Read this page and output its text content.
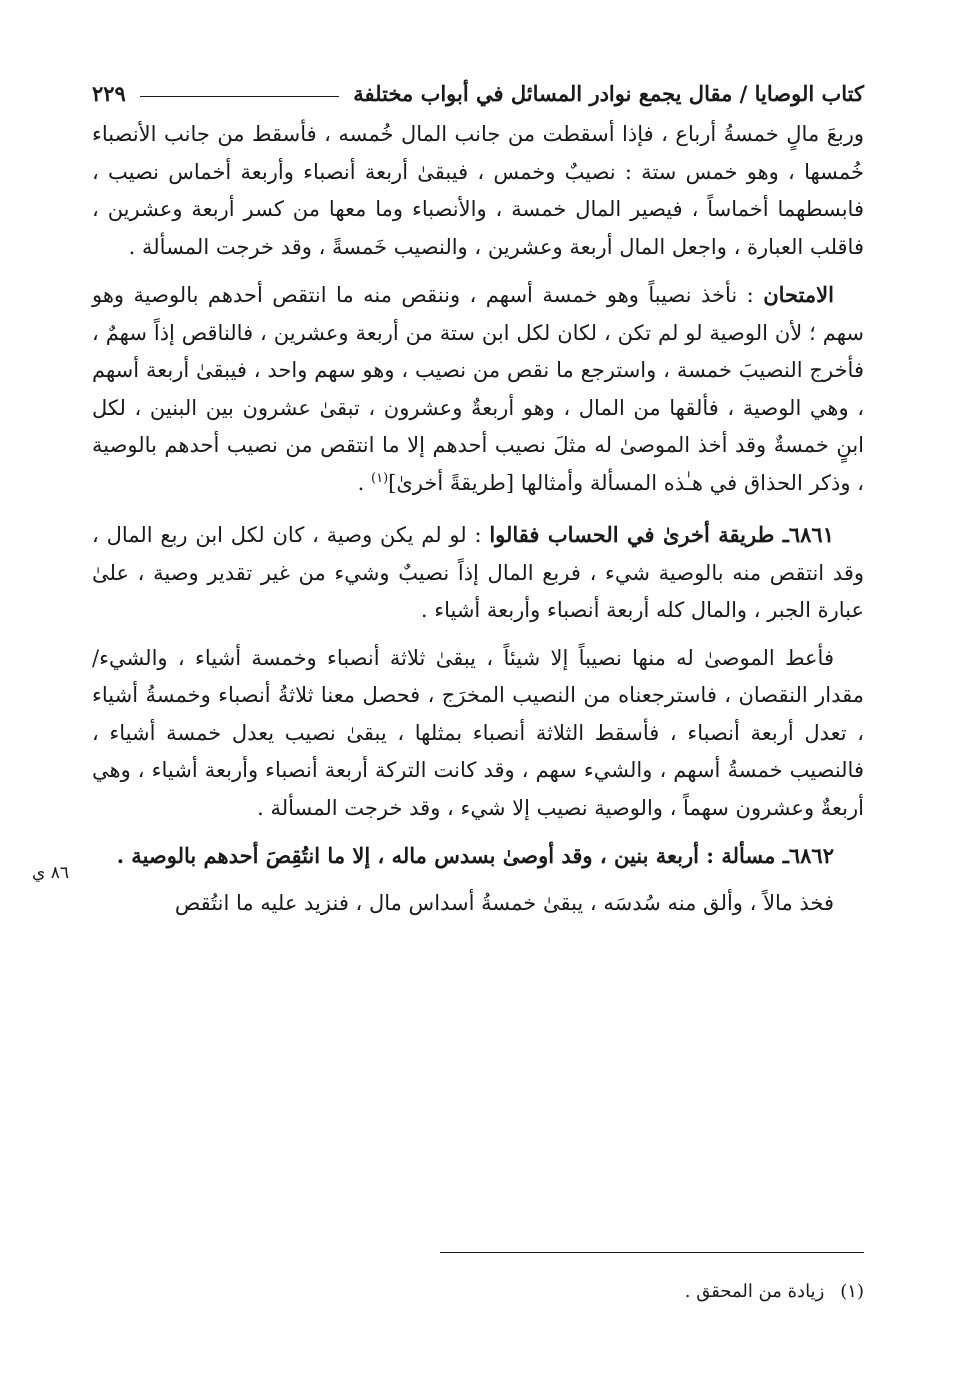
كتاب الوصايا / مقال يجمع نوادر المسائل في أبواب مختلفة
٢٢٩

وربعَ مالٍ خمسةُ أرباع ، فإذا أسقطت من جانب المال خُمسه ، فأسقط من جانب الأنصباء خُمسها ، وهو خمس ستة : نصيبٌ وخمس ، فيبقىٰ أربعة أنصباء وأربعة أخماس نصيب ، فابسطهما أخماساً ، فيصير المال خمسة ، والأنصباء وما معها من كسر أربعة وعشرين ، فاقلب العبارة ، واجعل المال أربعة وعشرين ، والنصيب خَمسةً ، وقد خرجت المسألة .

الامتحان : نأخذ نصيباً وهو خمسة أسهم ، وننقص منه ما انتقص أحدهم بالوصية وهو سهم ؛ لأن الوصية لو لم تكن ، لكان لكل ابن ستة من أربعة وعشرين ، فالناقص إذاً سهمٌ ، فأخرج النصيبَ خمسة ، واسترجع ما نقص من نصيب ، وهو سهم واحد ، فيبقىٰ أربعة أسهم ، وهي الوصية ، فألقها من المال ، وهو أربعةٌ وعشرون ، تبقىٰ عشرون بين البنين ، لكل ابنٍ خمسةٌ وقد أخذ الموصىٰ له مثلَ نصيب أحدهم إلا ما انتقص من نصيب أحدهم بالوصية ، وذكر الحذاق في هـٰذه المسألة وأمثالها [طريقةً أخرىٰ]$^{(١)}$ .

٦٨٦١ـ طريقة أخرىٰ في الحساب فقالوا : لو لم يكن وصية ، كان لكل ابن ربع المال ، وقد انتقص منه بالوصية شيء ، فربع المال إذاً نصيبٌ وشيء من غير تقدير وصية ، علىٰ عبارة الجبر ، والمال كله أربعة أنصباء وأربعة أشياء .

فأعط الموصىٰ له منها نصيباً إلا شيئاً ، يبقىٰ ثلاثة أنصباء وخمسة أشياء ، والشيء/ مقدار النقصان ، فاسترجعناه من النصيب المخرَج ، فحصل معنا ثلاثةُ أنصباء وخمسةُ أشياء ، تعدل أربعة أنصباء ، فأسقط الثلاثة أنصباء بمثلها ، يبقىٰ نصيب يعدل خمسة أشياء ، فالنصيب خمسةُ أسهم ، والشيء سهم ، وقد كانت التركة أربعة أنصباء وأربعة أشياء ، وهي أربعةٌ وعشرون سهماً ، والوصية نصيب إلا شيء ، وقد خرجت المسألة .

٦٨٦٢ـ مسألة : أربعة بنين ، وقد أوصىٰ بسدس ماله ، إلا ما انتُقِصَ أحدهم بالوصية .

فخذ مالاً ، وألق منه سُدسَه ، يبقىٰ خمسةُ أسداس مال ، فنزيد عليه ما انتُقص

٨٦ ي
(١)زيادة من المحقق .
